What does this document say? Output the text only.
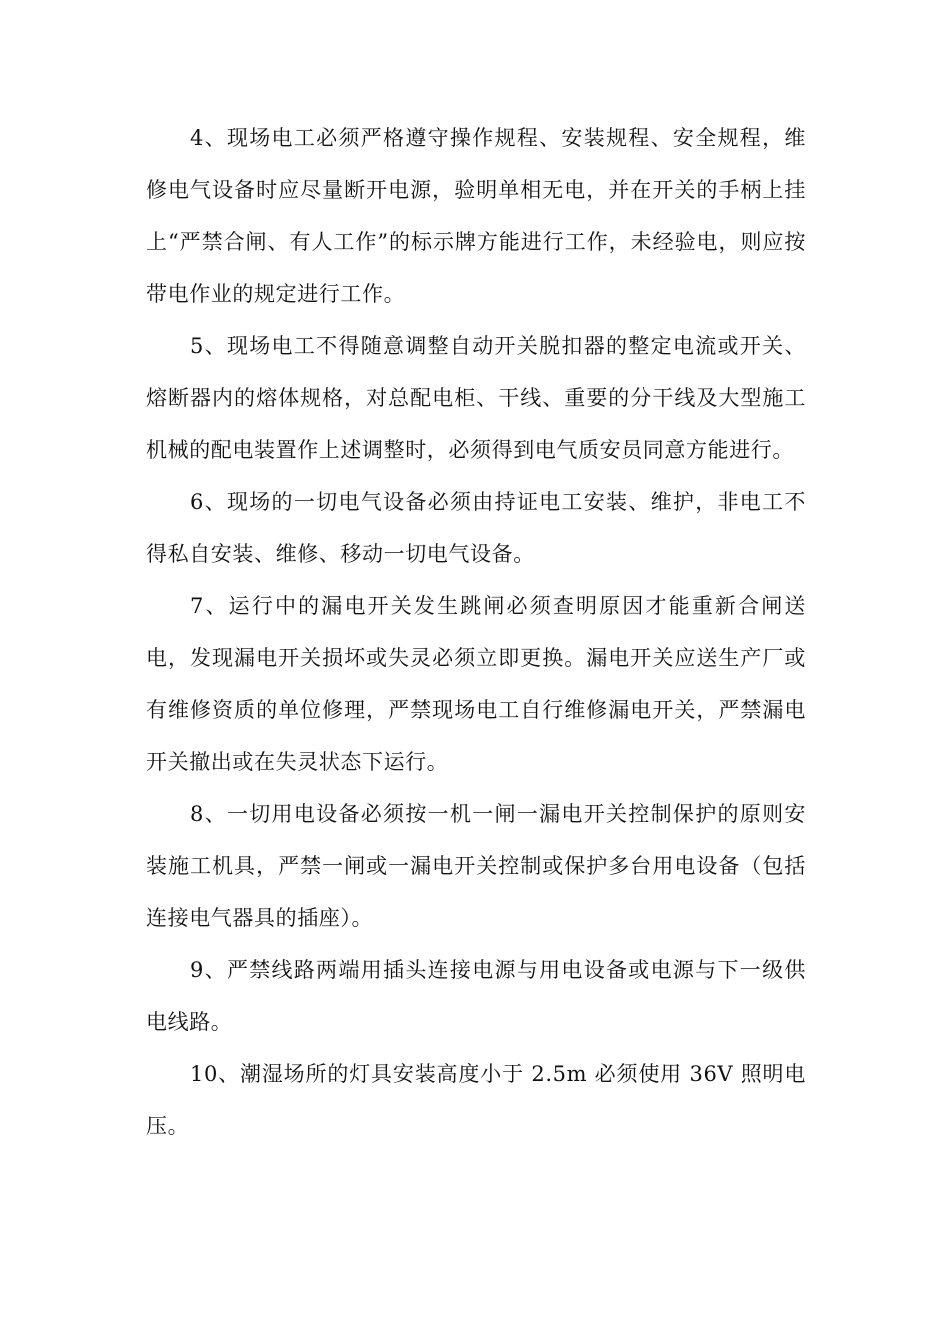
4、现场电工必须严格遵守操作规程、安装规程、安全规程，维修电气设备时应尽量断开电源，验明单相无电，并在开关的手柄上挂上“严禁合闸、有人工作”的标示牌方能进行工作，未经验电，则应按带电作业的规定进行工作。

5、现场电工不得随意调整自动开关脱扣器的整定电流或开关、熔断器内的熔体规格，对总配电柜、干线、重要的分干线及大型施工机械的配电装置作上述调整时，必须得到电气质安员同意方能进行。

6、现场的一切电气设备必须由持证电工安装、维护，非电工不得私自安装、维修、移动一切电气设备。

7、运行中的漏电开关发生跳闸必须查明原因才能重新合闸送电，发现漏电开关损坏或失灵必须立即更换。漏电开关应送生产厂或有维修资质的单位修理，严禁现场电工自行维修漏电开关，严禁漏电开关撤出或在失灵状态下运行。

8、一切用电设备必须按一机一闸一漏电开关控制保护的原则安装施工机具，严禁一闸或一漏电开关控制或保护多台用电设备（包括连接电气器具的插座）。

9、严禁线路两端用插头连接电源与用电设备或电源与下一级供电线路。

10、潮湿场所的灯具安装高度小于 2.5m 必须使用 36V 照明电压。
